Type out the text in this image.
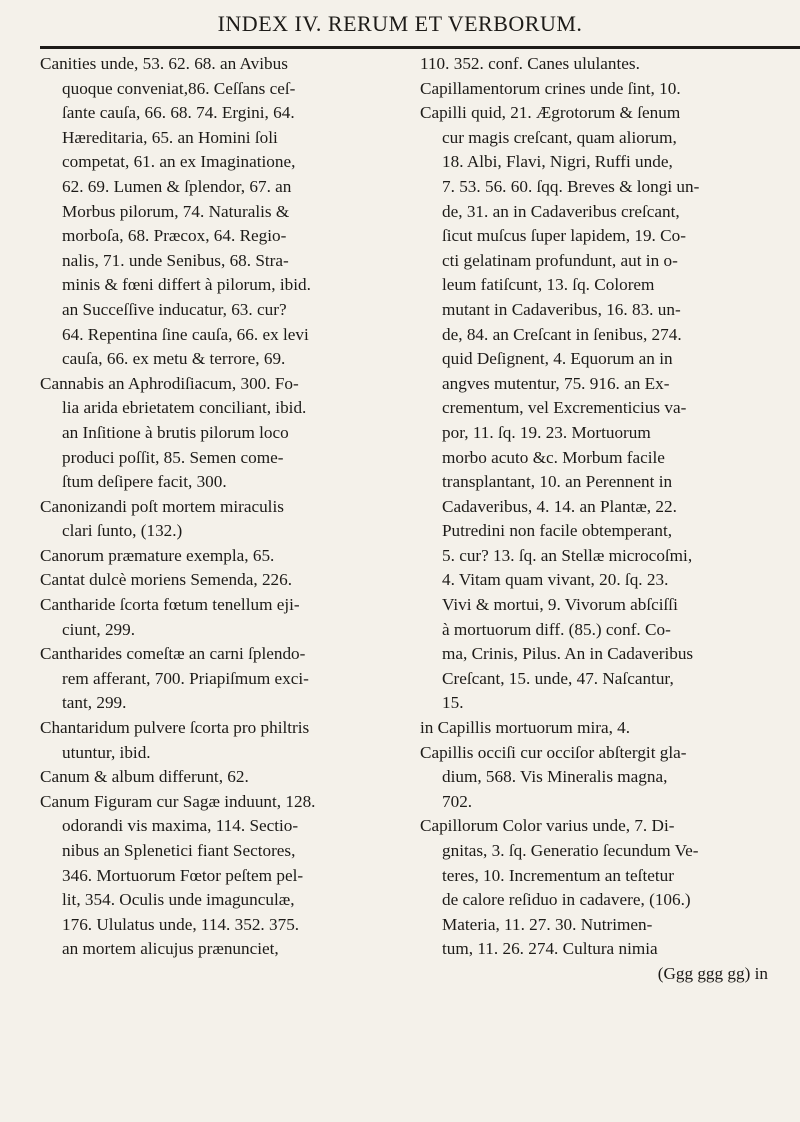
INDEX IV. RERUM ET VERBORUM.
Canities unde, 53. 62. 68. an Avibus
quoque conveniat,86. Ceſſans ceſ-
ſante cauſa, 66. 68. 74. Ergini, 64.
Hæreditaria, 65. an Homini ſoli
competat, 61. an ex Imaginatione,
62. 69. Lumen & ſplendor, 67. an
Morbus pilorum, 74. Naturalis &
morboſa, 68. Præcox, 64. Regio-
nalis, 71. unde Senibus, 68. Stra-
minis & fœni differt à pilorum, ibid.
an Succeſſive inducatur, 63. cur?
64. Repentina ſine cauſa, 66. ex levi
cauſa, 66. ex metu & terrore, 69.
Cannabis an Aphrodiſiacum, 300. Fo-
lia arida ebrietatem conciliant, ibid.
an Inſitione à brutis pilorum loco
produci poſſit, 85. Semen come-
ſtum deſipere facit, 300.
Canonizandi poſt mortem miraculis
clari ſunto, (132.)
Canorum præmature exempla, 65.
Cantat dulcè moriens Semenda, 226.
Cantharide ſcorta fœtum tenellum eji-
ciunt, 299.
Cantharides comeſtæ an carni ſplendo-
rem afferant, 700. Priapiſmum exci-
tant, 299.
Chantaridum pulvere ſcorta pro philtris
utuntur, ibid.
Canum & album differunt, 62.
Canum Figuram cur Sagæ induunt, 128.
odorandi vis maxima, 114. Sectio-
nibus an Splenetici fiant Sectores,
346. Mortuorum Fœtor peſtem pel-
lit, 354. Oculis unde imagunculæ,
176. Ululatus unde, 114. 352. 375.
an mortem alicujus prænunciet,
110. 352. conf. Canes ululantes.
Capillamentorum crines unde ſint, 10.
Capilli quid, 21. Ægrotorum & ſenum
cur magis creſcant, quam aliorum,
18. Albi, Flavi, Nigri, Ruffi unde,
7. 53. 56. 60. ſqq. Breves & longi un-
de, 31. an in Cadaveribus creſcant,
ſicut muſcus ſuper lapidem, 19. Co-
cti gelatinam profundunt, aut in o-
leum fatiſcunt, 13. ſq. Colorem
mutant in Cadaveribus, 16. 83. un-
de, 84. an Creſcant in ſenibus, 274.
quid Deſignent, 4. Equorum an in
angves mutentur, 75. 916. an Ex-
crementum, vel Excrementicius va-
por, 11. ſq. 19. 23. Mortuorum
morbo acuto &c. Morbum facile
transplantant, 10. an Perennent in
Cadaveribus, 4. 14. an Plantæ, 22.
Putredini non facile obtemperant,
5. cur? 13. ſq. an Stellæ microcoſmi,
4. Vitam quam vivant, 20. ſq. 23.
Vivi & mortui, 9. Vivorum abſciſſi
à mortuorum diff. (85.) conf. Co-
ma, Crinis, Pilus. An in Cadaveribus
Creſcant, 15. unde, 47. Naſcantur,
15.
in Capillis mortuorum mira, 4.
Capillis occiſi cur occiſor abſtergit gla-
dium, 568. Vis Mineralis magna,
702.
Capillorum Color varius unde, 7. Di-
gnitas, 3. ſq. Generatio ſecundum Ve-
teres, 10. Incrementum an teſtetur
de calore reſiduo in cadavere, (106.)
Materia, 11. 27. 30. Nutrimen-
tum, 11. 26. 274. Cultura nimia
(Ggg ggg gg) in
